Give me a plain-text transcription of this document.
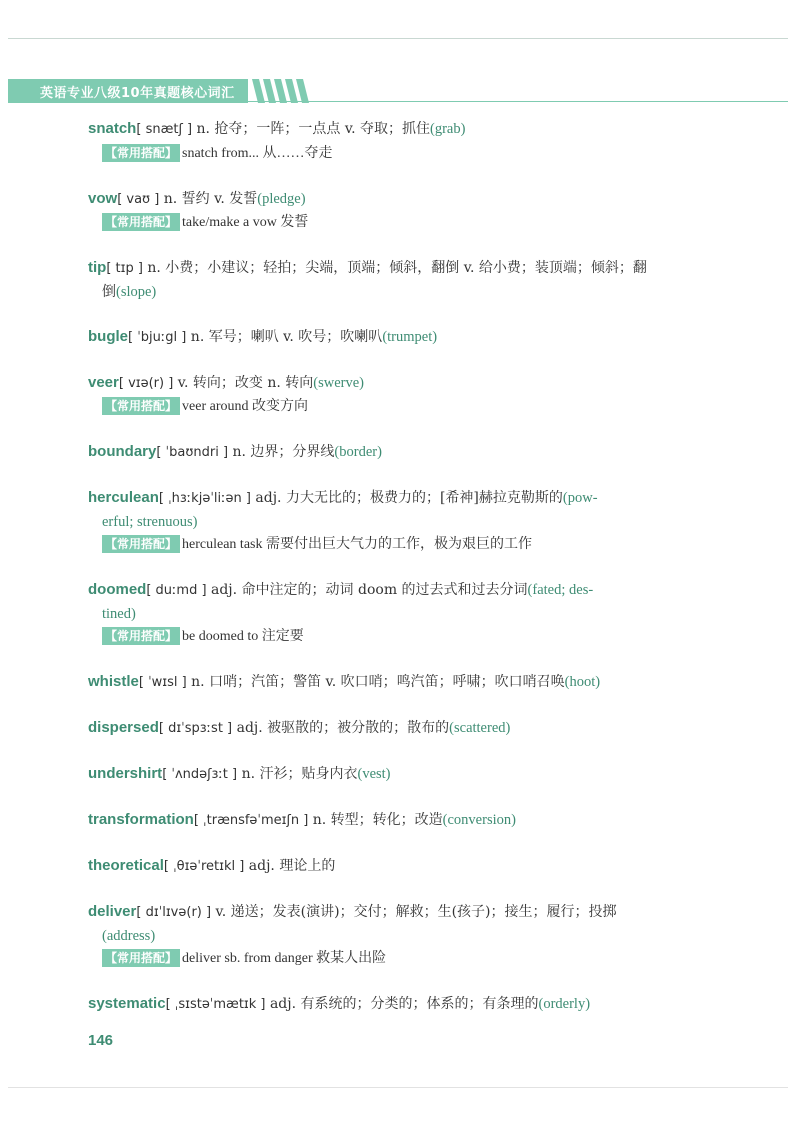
英语专业八级10年真题核心词汇
snatch[ snætʃ ] n. 抢夺；一阵；一点点 v. 夺取；抓住(grab)
【常用搭配】 snatch from... 从……夺走
vow[ vaʊ ] n. 誓约 v. 发誓(pledge)
【常用搭配】 take/make a vow 发誓
tip[ tɪp ] n. 小费；小建议；轻拍；尖端，顶端；倾斜，翻倒 v. 给小费；装顶端；倾斜；翻
倒(slope)
bugle[ ˈbjuːgl ] n. 军号；喇叭 v. 吹号；吹喇叭(trumpet)
veer[ vɪə(r) ] v. 转向；改变 n. 转向(swerve)
【常用搭配】 veer around 改变方向
boundary[ ˈbaʊndri ] n. 边界；分界线(border)
herculean[ ˌhɜːkjəˈliːən ] adj. 力大无比的；极费力的；[希神]赫拉克勒斯的(pow-
erful; strenuous)
【常用搭配】 herculean task 需要付出巨大气力的工作，极为艰巨的工作
doomed[ duːmd ] adj. 命中注定的；动词 doom 的过去式和过去分词(fated; des-
tined)
【常用搭配】 be doomed to 注定要
whistle[ ˈwɪsl ] n. 口哨；汽笛；警笛 v. 吹口哨；鸣汽笛；呼啸；吹口哨召唤(hoot)
dispersed[ dɪˈspɜːst ] adj. 被驱散的；被分散的；散布的(scattered)
undershirt[ ˈʌndəʃɜːt ] n. 汗衫；贴身内衣(vest)
transformation[ ˌtrænsfəˈmeɪʃn ] n. 转型；转化；改造(conversion)
theoretical[ ˌθɪəˈretɪkl ] adj. 理论上的
deliver[ dɪˈlɪvə(r) ] v. 递送；发表(演讲)；交付；解救；生(孩子)；接生；履行；投掷
(address)
【常用搭配】 deliver sb. from danger 救某人出险
systematic[ ˌsɪstəˈmætɪk ] adj. 有系统的；分类的；体系的；有条理的(orderly)
146
